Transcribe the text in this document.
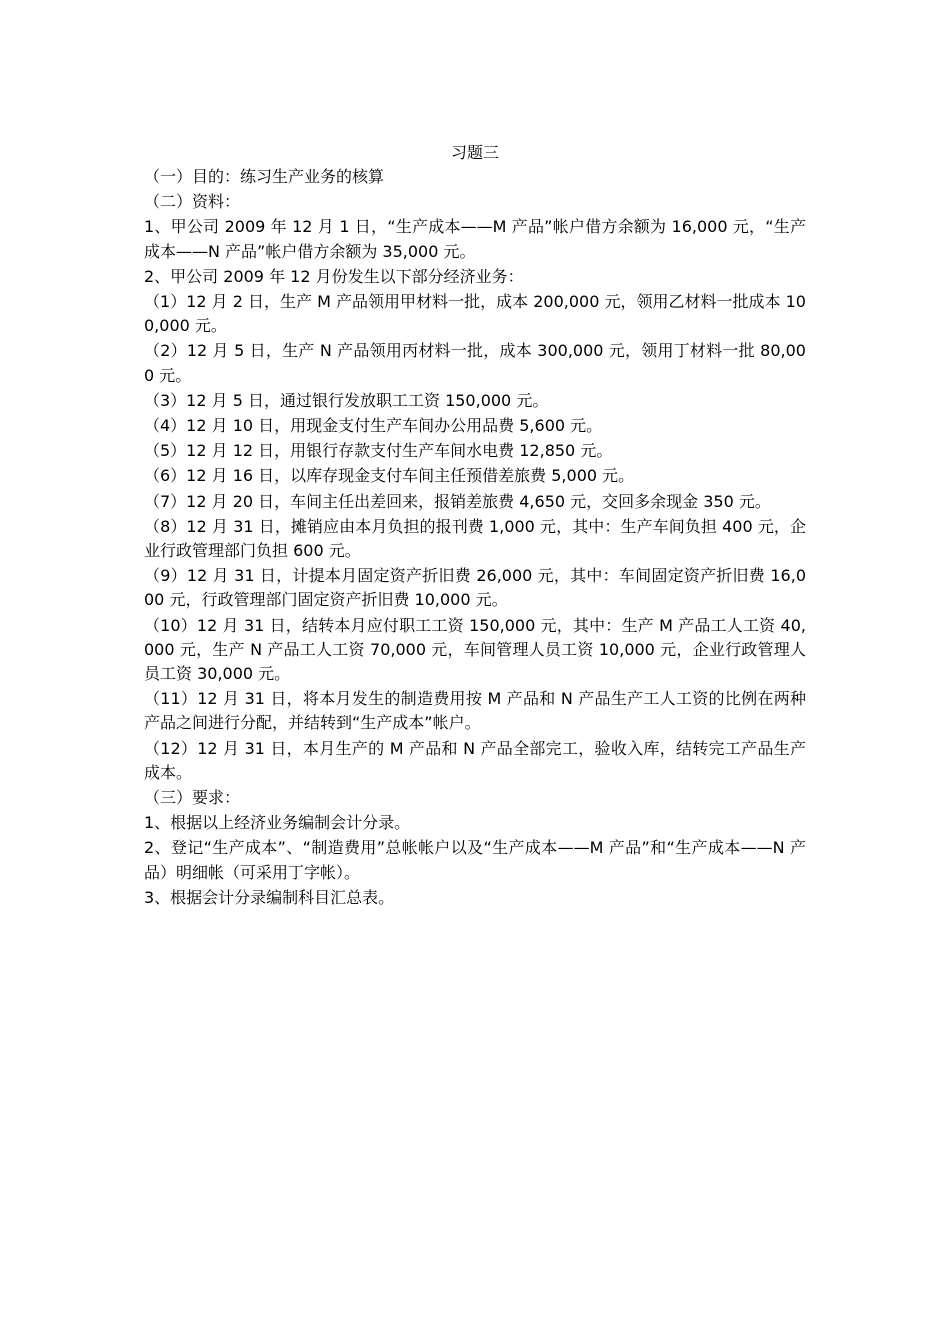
习题三
（一）目的：练习生产业务的核算
（二）资料：
1、甲公司 2009 年 12 月 1 日，“生产成本——M 产品”帐户借方余额为 16,000 元，“生产成本——N 产品”帐户借方余额为 35,000 元。
2、甲公司 2009 年 12 月份发生以下部分经济业务：
（1）12 月 2 日，生产 M 产品领用甲材料一批，成本 200,000 元，领用乙材料一批成本 100,000 元。
（2）12 月 5 日，生产 N 产品领用丙材料一批，成本 300,000 元，领用丁材料一批 80,000 元。
（3）12 月 5 日，通过银行发放职工工资 150,000 元。
（4）12 月 10 日，用现金支付生产车间办公用品费 5,600 元。
（5）12 月 12 日，用银行存款支付生产车间水电费 12,850 元。
（6）12 月 16 日，以库存现金支付车间主任预借差旅费 5,000 元。
（7）12 月 20 日，车间主任出差回来，报销差旅费 4,650 元，交回多余现金 350 元。
（8）12 月 31 日，摊销应由本月负担的报刊费 1,000 元，其中：生产车间负担 400 元，企业行政管理部门负担 600 元。
（9）12 月 31 日，计提本月固定资产折旧费 26,000 元，其中：车间固定资产折旧费 16,000 元，行政管理部门固定资产折旧费 10,000 元。
（10）12 月 31 日，结转本月应付职工工资 150,000 元，其中：生产 M 产品工人工资 40,000 元，生产 N 产品工人工资 70,000 元，车间管理人员工资 10,000 元，企业行政管理人员工资 30,000 元。
（11）12 月 31 日，将本月发生的制造费用按 M 产品和 N 产品生产工人工资的比例在两种产品之间进行分配，并结转到“生产成本”帐户。
（12）12 月 31 日，本月生产的 M 产品和 N 产品全部完工，验收入库，结转完工产品生产成本。
（三）要求：
1、根据以上经济业务编制会计分录。
2、登记“生产成本”、“制造费用”总帐帐户以及“生产成本——M 产品”和“生产成本——N 产品）明细帐（可采用丁字帐）。
3、根据会计分录编制科目汇总表。
